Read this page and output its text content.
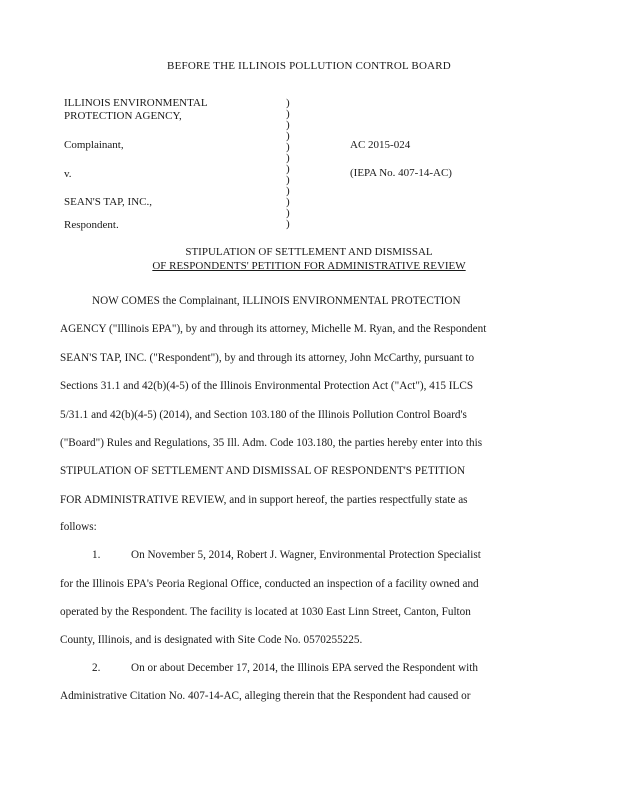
BEFORE THE ILLINOIS POLLUTION CONTROL BOARD
ILLINOIS ENVIRONMENTAL
PROTECTION AGENCY,
Complainant,
v.
SEAN'S TAP, INC.,
Respondent.
)
)
)
)
)
)
)
)
)
)
)
)
AC 2015-024
(IEPA No. 407-14-AC)
STIPULATION OF SETTLEMENT AND DISMISSAL
OF RESPONDENTS' PETITION FOR ADMINISTRATIVE REVIEW
NOW COMES the Complainant, ILLINOIS ENVIRONMENTAL PROTECTION
AGENCY ("Illinois EPA"), by and through its attorney, Michelle M. Ryan, and the Respondent
SEAN'S TAP, INC. ("Respondent"), by and through its attorney, John McCarthy, pursuant to
Sections 31.1 and 42(b)(4-5) of the Illinois Environmental Protection Act ("Act"), 415 ILCS
5/31.1 and 42(b)(4-5) (2014), and Section 103.180 of the Illinois Pollution Control Board's
("Board") Rules and Regulations, 35 Ill. Adm. Code 103.180, the parties hereby enter into this
STIPULATION OF SETTLEMENT AND DISMISSAL OF RESPONDENT'S PETITION
FOR ADMINISTRATIVE REVIEW, and in support hereof, the parties respectfully state as
follows:
1.	On November 5, 2014, Robert J. Wagner, Environmental Protection Specialist
for the Illinois EPA's Peoria Regional Office, conducted an inspection of a facility owned and
operated by the Respondent. The facility is located at 1030 East Linn Street, Canton, Fulton
County, Illinois, and is designated with Site Code No. 0570255225.
2.	On or about December 17, 2014, the Illinois EPA served the Respondent with
Administrative Citation No. 407-14-AC, alleging therein that the Respondent had caused or
